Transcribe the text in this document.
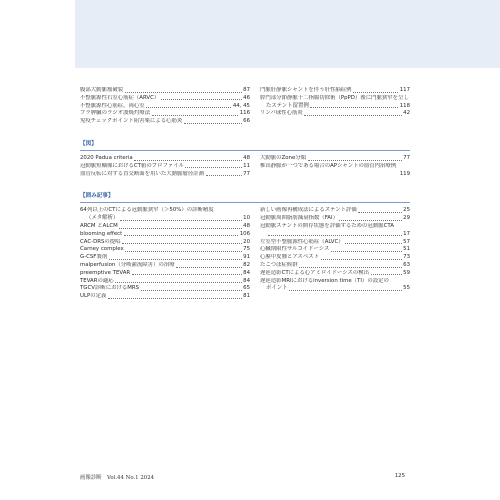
腹部大動脈瘤破裂	87
不整脈源性右室心筋症（ARVC）	46
不整脈源性心筋症，両心室	44, 45
ブラ脾臓のラジオ波焼灼療法	116
免疫チェックポイント阻害薬による心筋炎	66
門脈肝静脈シャントを伴う肝性脳症例	117
膵門部分節静脈十二指腸切除術（PpPD）後に門脈狭窄を呈し
たステント留置例	118
リンパ球性心筋炎	42
【図】
2020 Padua criteria	48
冠動脈短軸像におけるCT値のプロファイル	11
血管反転に対する直交断面を用いた大動脈瘤径計測	77
大動脈のZone分類	77
椎出静脈が一つである場合のAPシャントの血管内治療例
119
【囲み記事】
64列以上のCTによる冠動脈狭窄（＞50%）の診断精度
（メタ解析）	10
ARCM とALCM	48
blooming effect	106
CAC-DRSの提唱	20
Carney complex	75
G-CSF製剤	91
malperfusion（分岐灌流障害）の治療	82
preemptive TEVAR	84
TEVARの適応	84
TGCV診断におけるMRS	65
ULPの定義	81
新しい画像再構成法によるステント評価	25
冠動脈周囲脂肪減衰指数（FAI）	29
冠動脈ステントの開存状態を評価するための冠動脈CTA
17
左室型不整脈源性心筋症（ALVC）	57
心臓期限性サルコイドーシス	51
心膜中皮腫とアスベスト	73
たこつぼ症候群	63
遅延造影CTによる心アミロイドーシスの検出	59
遅延造影MRIにおけるinversion time（TI）の設定の
ポイント	55
画像診断　Vol.44 No.1 2024	125
